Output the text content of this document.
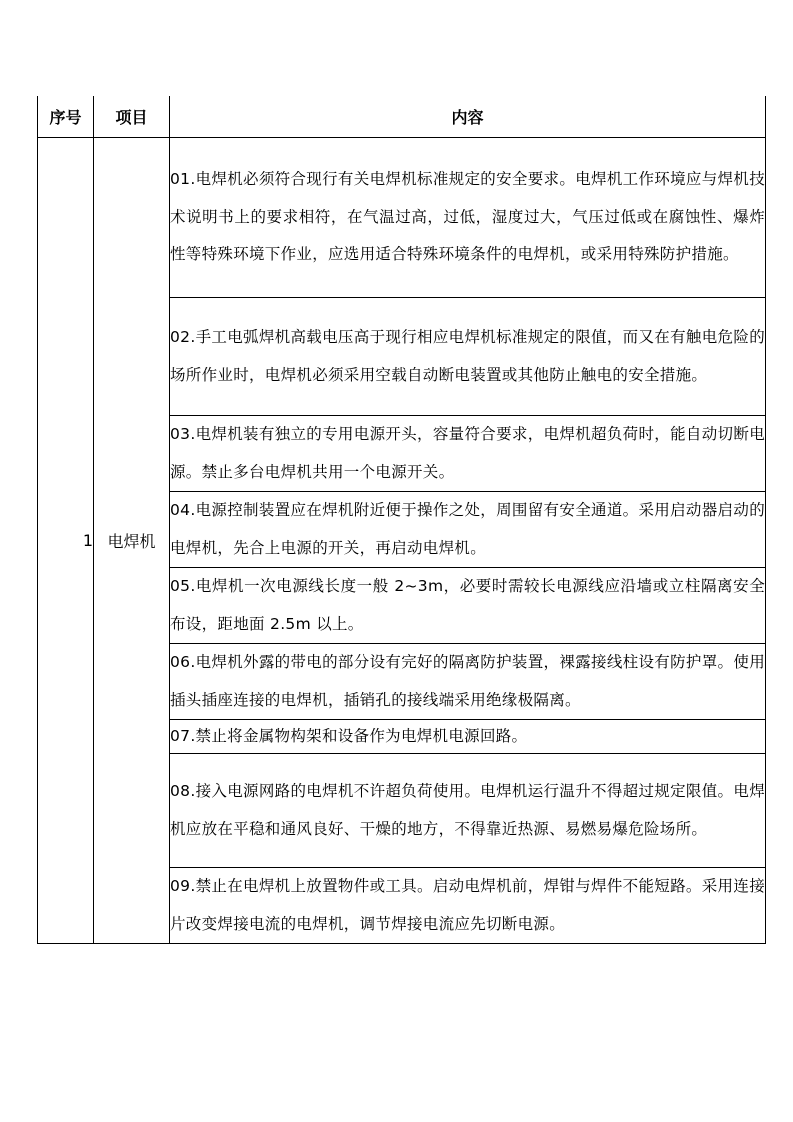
序号	项目	内容
1	电焊机	01.电焊机必须符合现行有关电焊机标准规定的安全要求。电焊机工作环境应与焊机技术说明书上的要求相符，在气温过高，过低，湿度过大，气压过低或在腐蚀性、爆炸性等特殊环境下作业，应选用适合特殊环境条件的电焊机，或采用特殊防护措施。
		02.手工电弧焊机高载电压高于现行相应电焊机标准规定的限值，而又在有触电危险的场所作业时，电焊机必须采用空载自动断电装置或其他防止触电的安全措施。
		03.电焊机装有独立的专用电源开头，容量符合要求，电焊机超负荷时，能自动切断电源。禁止多台电焊机共用一个电源开关。
		04.电源控制装置应在焊机附近便于操作之处，周围留有安全通道。采用启动器启动的电焊机，先合上电源的开关，再启动电焊机。
		05.电焊机一次电源线长度一般 2~3m，必要时需较长电源线应沿墙或立柱隔离安全布设，距地面 2.5m 以上。
		06.电焊机外露的带电的部分设有完好的隔离防护装置，裸露接线柱设有防护罩。使用插头插座连接的电焊机，插销孔的接线端采用绝缘极隔离。
		07.禁止将金属物构架和设备作为电焊机电源回路。
		08.接入电源网路的电焊机不许超负荷使用。电焊机运行温升不得超过规定限值。电焊机应放在平稳和通风良好、干燥的地方，不得靠近热源、易燃易爆危险场所。
		09.禁止在电焊机上放置物件或工具。启动电焊机前，焊钳与焊件不能短路。采用连接片改变焊接电流的电焊机，调节焊接电流应先切断电源。
